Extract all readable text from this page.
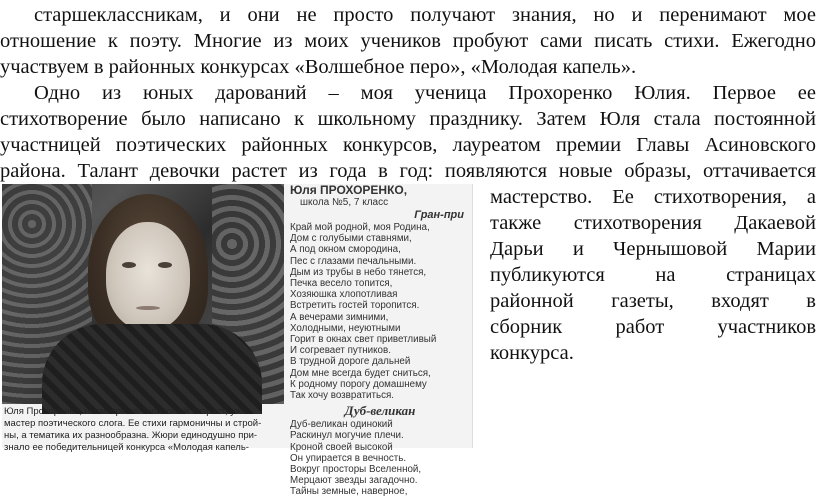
старшеклассникам, и они не просто получают знания, но и перенимают мое
отношение к поэту. Многие из моих учеников пробуют сами писать стихи. Ежегодно
участвуем в районных конкурсах «Волшебное перо», «Молодая капель».
Одно из юных дарований – моя ученица Прохоренко Юлия. Первое ее
стихотворение было написано к школьному празднику. Затем Юля стала постоянной
участницей поэтических районных конкурсов, лауреатом премии Главы Асиновского
района. Талант девочки растет из года в год: появляются новые образы, оттачивается
мастерство. Ее стихотворения, а
также стихотворения Дакаевой
Дарьи и Чернышовой Марии
публикуются на страницах
районной газеты, входят в
сборник работ участников
конкурса.
Юля Прохоренко, несмотря на свой юный возраст, уже
мастер поэтического слога. Ее стихи гармоничны и строй-
ны, а тематика их разнообразна. Жюри единодушно при-
знало ее победительницей конкурса «Молодая капель-
Юля ПРОХОРЕНКО,
школа №5, 7 класс
Гран-при
Край мой родной, моя Родина,
Дом с голубыми ставнями,
А под окном смородина,
Пес с глазами печальными.
Дым из трубы в небо тянется,
Печка весело топится,
Хозяюшка хлопотливая
Встретить гостей торопится.
А вечерами зимними,
Холодными, неуютными
Горит в окнах свет приветливый
И согревает путников.
В трудной дороге дальней
Дом мне всегда будет сниться,
К родному порогу домашнему
Так хочу возвратиться.
Дуб-великан
Дуб-великан одинокий
Раскинул могучие плечи.
Кроной своей высокой
Он упирается в вечность.
Вокруг просторы Вселенной,
Мерцают звезды загадочно.
Тайны земные, наверное,
